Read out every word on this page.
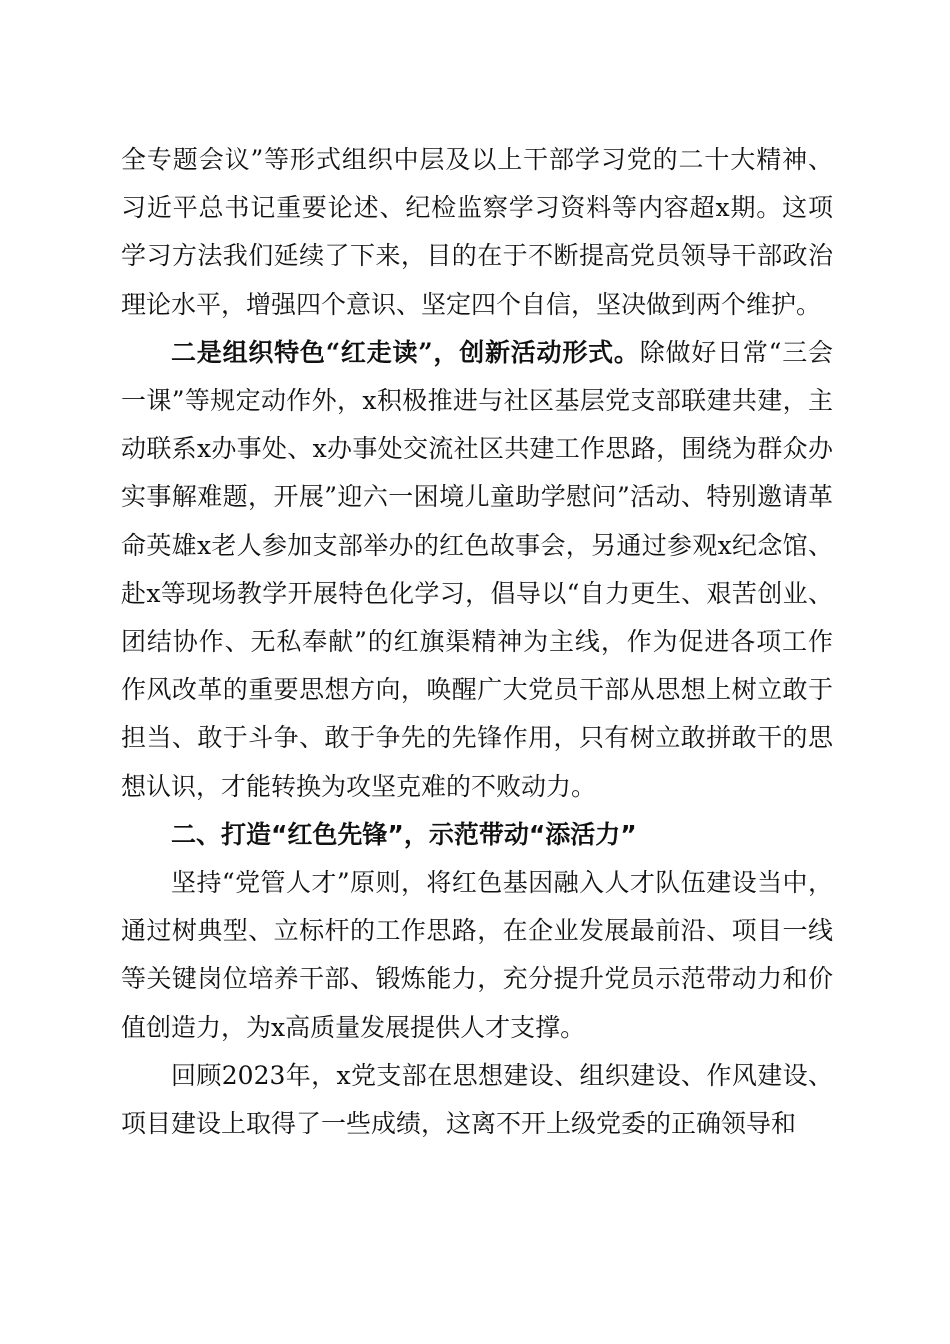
全专题会议”等形式组织中层及以上干部学习党的二十大精神、习近平总书记重要论述、纪检监察学习资料等内容超x期。这项学习方法我们延续了下来，目的在于不断提高党员领导干部政治理论水平，增强四个意识、坚定四个自信，坚决做到两个维护。

二是组织特色“红走读”，创新活动形式。除做好日常“三会一课”等规定动作外，x积极推进与社区基层党支部联建共建，主动联系x办事处、x办事处交流社区共建工作思路，围绕为群众办实事解难题，开展”迎六一困境儿童助学慰问”活动、特别邀请革命英雄x老人参加支部举办的红色故事会，另通过参观x纪念馆、赴x等现场教学开展特色化学习，倡导以“自力更生、艰苦创业、团结协作、无私奉献”的红旗渠精神为主线，作为促进各项工作作风改革的重要思想方向，唤醒广大党员干部从思想上树立敢于担当、敢于斗争、敢于争先的先锋作用，只有树立敢拼敢干的思想认识，才能转换为攻坚克难的不败动力。

二、打造“红色先锋”，示范带动“添活力”

坚持“党管人才”原则，将红色基因融入人才队伍建设当中，通过树典型、立标杆的工作思路，在企业发展最前沿、项目一线等关键岗位培养干部、锻炼能力，充分提升党员示范带动力和价值创造力，为x高质量发展提供人才支撑。

回顾2023年，x党支部在思想建设、组织建设、作风建设、项目建设上取得了一些成绩，这离不开上级党委的正确领导和
